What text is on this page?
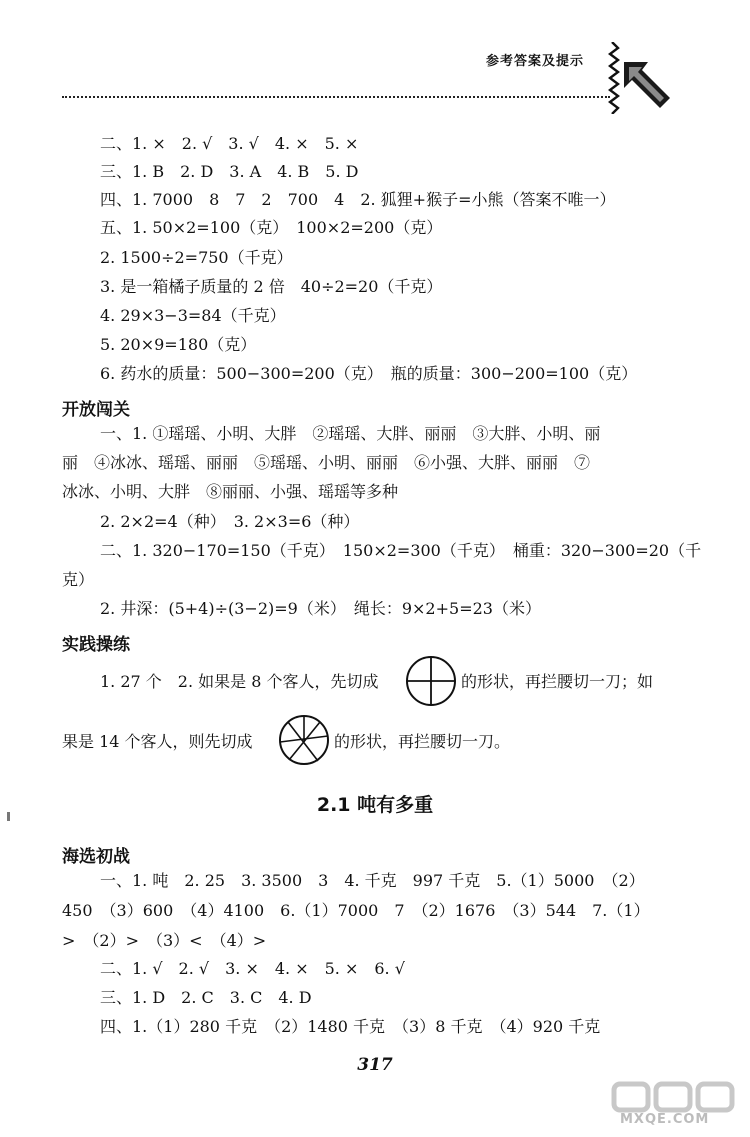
参考答案及提示
二、1. ×　2. √　3. √　4. ×　5. ×
三、1. B　2. D　3. A　4. B　5. D
四、1. 7000　8　7　2　700　4　2. 狐狸+猴子=小熊（答案不唯一）
五、1. 50×2=100（克）　100×2=200（克）
2. 1500÷2=750（千克）
3. 是一箱橘子质量的 2 倍　40÷2=20（千克）
4. 29×3−3=84（千克）
5. 20×9=180（克）
6. 药水的质量：500−300=200（克）　瓶的质量：300−200=100（克）
开放闯关
一、1. ①瑶瑶、小明、大胖　②瑶瑶、大胖、丽丽　③大胖、小明、丽
丽　④冰冰、瑶瑶、丽丽　⑤瑶瑶、小明、丽丽　⑥小强、大胖、丽丽　⑦
冰冰、小明、大胖　⑧丽丽、小强、瑶瑶等多种
2. 2×2=4（种）　3. 2×3=6（种）
二、1. 320−170=150（千克）　150×2=300（千克）　桶重：320−300=20（千
克）
2. 井深：(5+4)÷(3−2)=9（米）　绳长：9×2+5=23（米）
实践操练
1. 27 个　2. 如果是 8 个客人，先切成	的形状，再拦腰切一刀；如
果是 14 个客人，则先切成	的形状，再拦腰切一刀。
2.1 吨有多重
海选初战
一、1. 吨　2. 25　3. 3500　3　4. 千克　997 千克　5.（1）5000　（2）
450　（3）600　（4）4100　6.（1）7000　7　（2）1676　（3）544　7.（1）
>　（2）>　（3）<　（4）>
二、1. √　2. √　3. ×　4. ×　5. ×　6. √
三、1. D　2. C　3. C　4. D
四、1.（1）280 千克　（2）1480 千克　（3）8 千克　（4）920 千克
317
MXQE.COM
